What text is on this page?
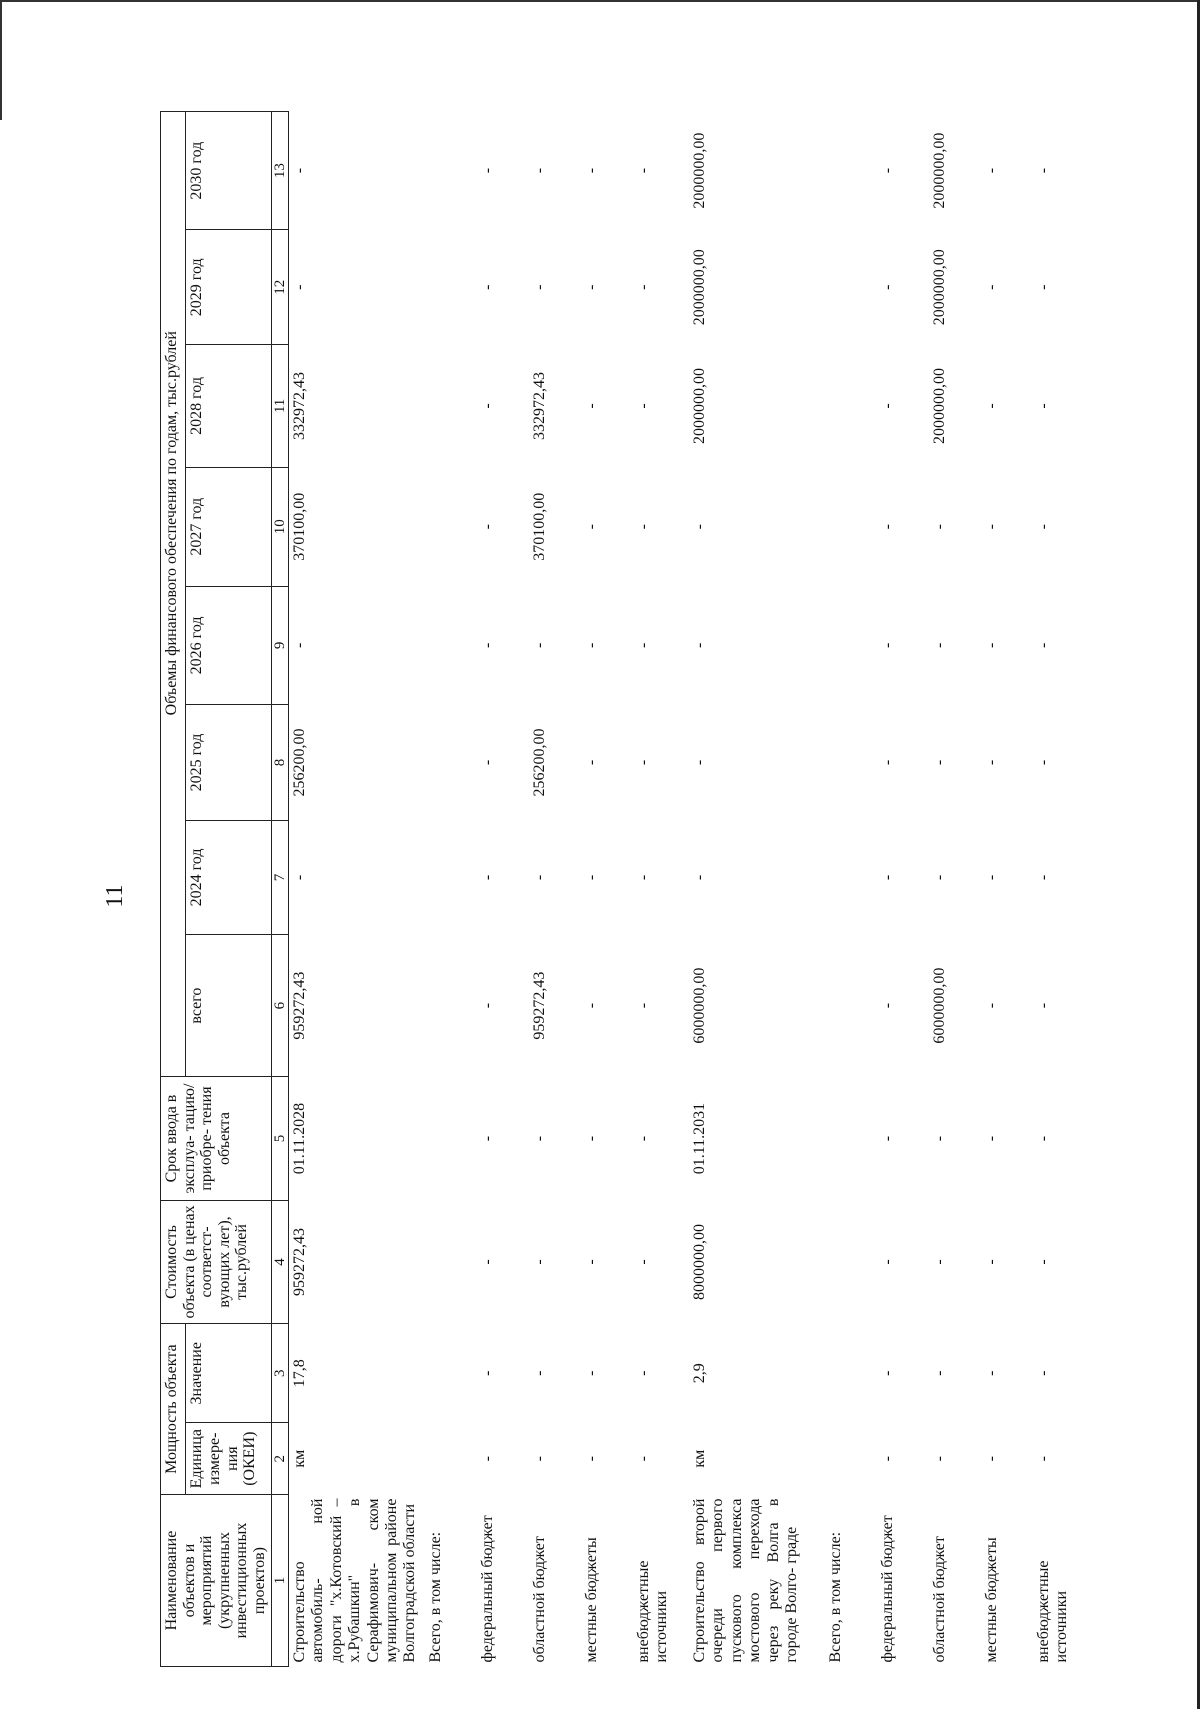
11
Наименование объектов и мероприятий (укрупненных инвестиционных проектов)	Мощность объекта		Стоимость объекта (в ценах соответст- вующих лет), тыс.рублей	Срок ввода в эксплуа- тацию/ приобре- тения объекта		Объемы финансового обеспечения по годам, тыс.рублей						
	Единица измере- ния (ОКЕИ)	Значение			всего	2024 год	2025 год	2026 год	2027 год	2028 год	2029 год	2030 год
1	2	3	4	5	6	7	8	9	10	11	12	13
Строительство автомобиль- ной дороги "х.Котовский – х.Рубашкин" в Серафимович- ском муниципальном районе Волгоградской области	км	17,8	959272,43	01.11.2028	959272,43	-	256200,00	-	370100,00	332972,43	-	-
Всего, в том числе:												
федеральный бюджет	-	-	-	-	-	-	-	-	-	-	-	-
областной бюджет	-	-	-	-	959272,43	-	256200,00	-	370100,00	332972,43	-	-
местные бюджеты	-	-	-	-	-	-	-	-	-	-	-	-
внебюджетные источники	-	-	-	-	-	-	-	-	-	-	-	-
Строительство второй очереди первого пускового комплекса мостового перехода через реку Волга в городе Волго- граде	км	2,9	8000000,00	01.11.2031	6000000,00	-	-	-	-	2000000,00	2000000,00	2000000,00
Всего, в том числе:												
федеральный бюджет	-	-	-	-	-	-	-	-	-	-	-	-
областной бюджет	-	-	-	-	6000000,00	-	-	-	-	2000000,00	2000000,00	2000000,00
местные бюджеты	-	-	-	-	-	-	-	-	-	-	-	-
внебюджетные источники	-	-	-	-	-	-	-	-	-	-	-	-
